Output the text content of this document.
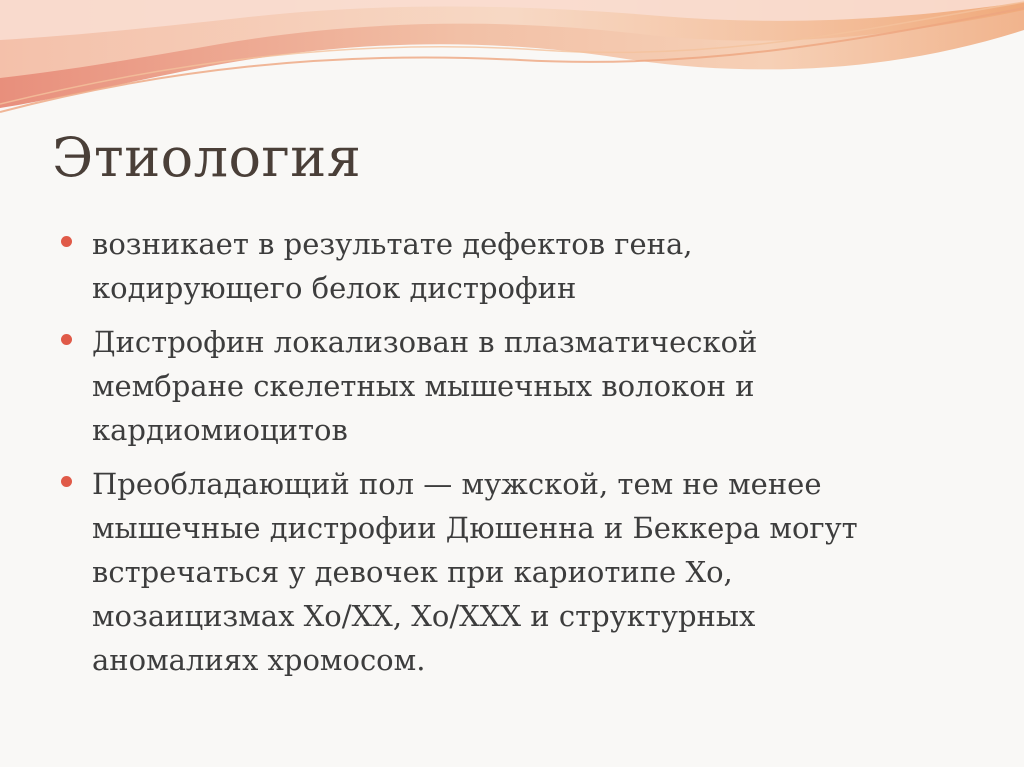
Этиология
возникает в результате дефектов гена,
кодирующего белок дистрофин
Дистрофин локализован в плазматической
мембране скелетных мышечных волокон и
кардиомиоцитов
Преобладающий пол — мужской, тем не менее
мышечные дистрофии Дюшенна и Беккера могут
встречаться у девочек при кариотипе Хо,
мозаицизмах Хо/ХХ, Хо/ХХХ и структурных
аномалиях хромосом.
